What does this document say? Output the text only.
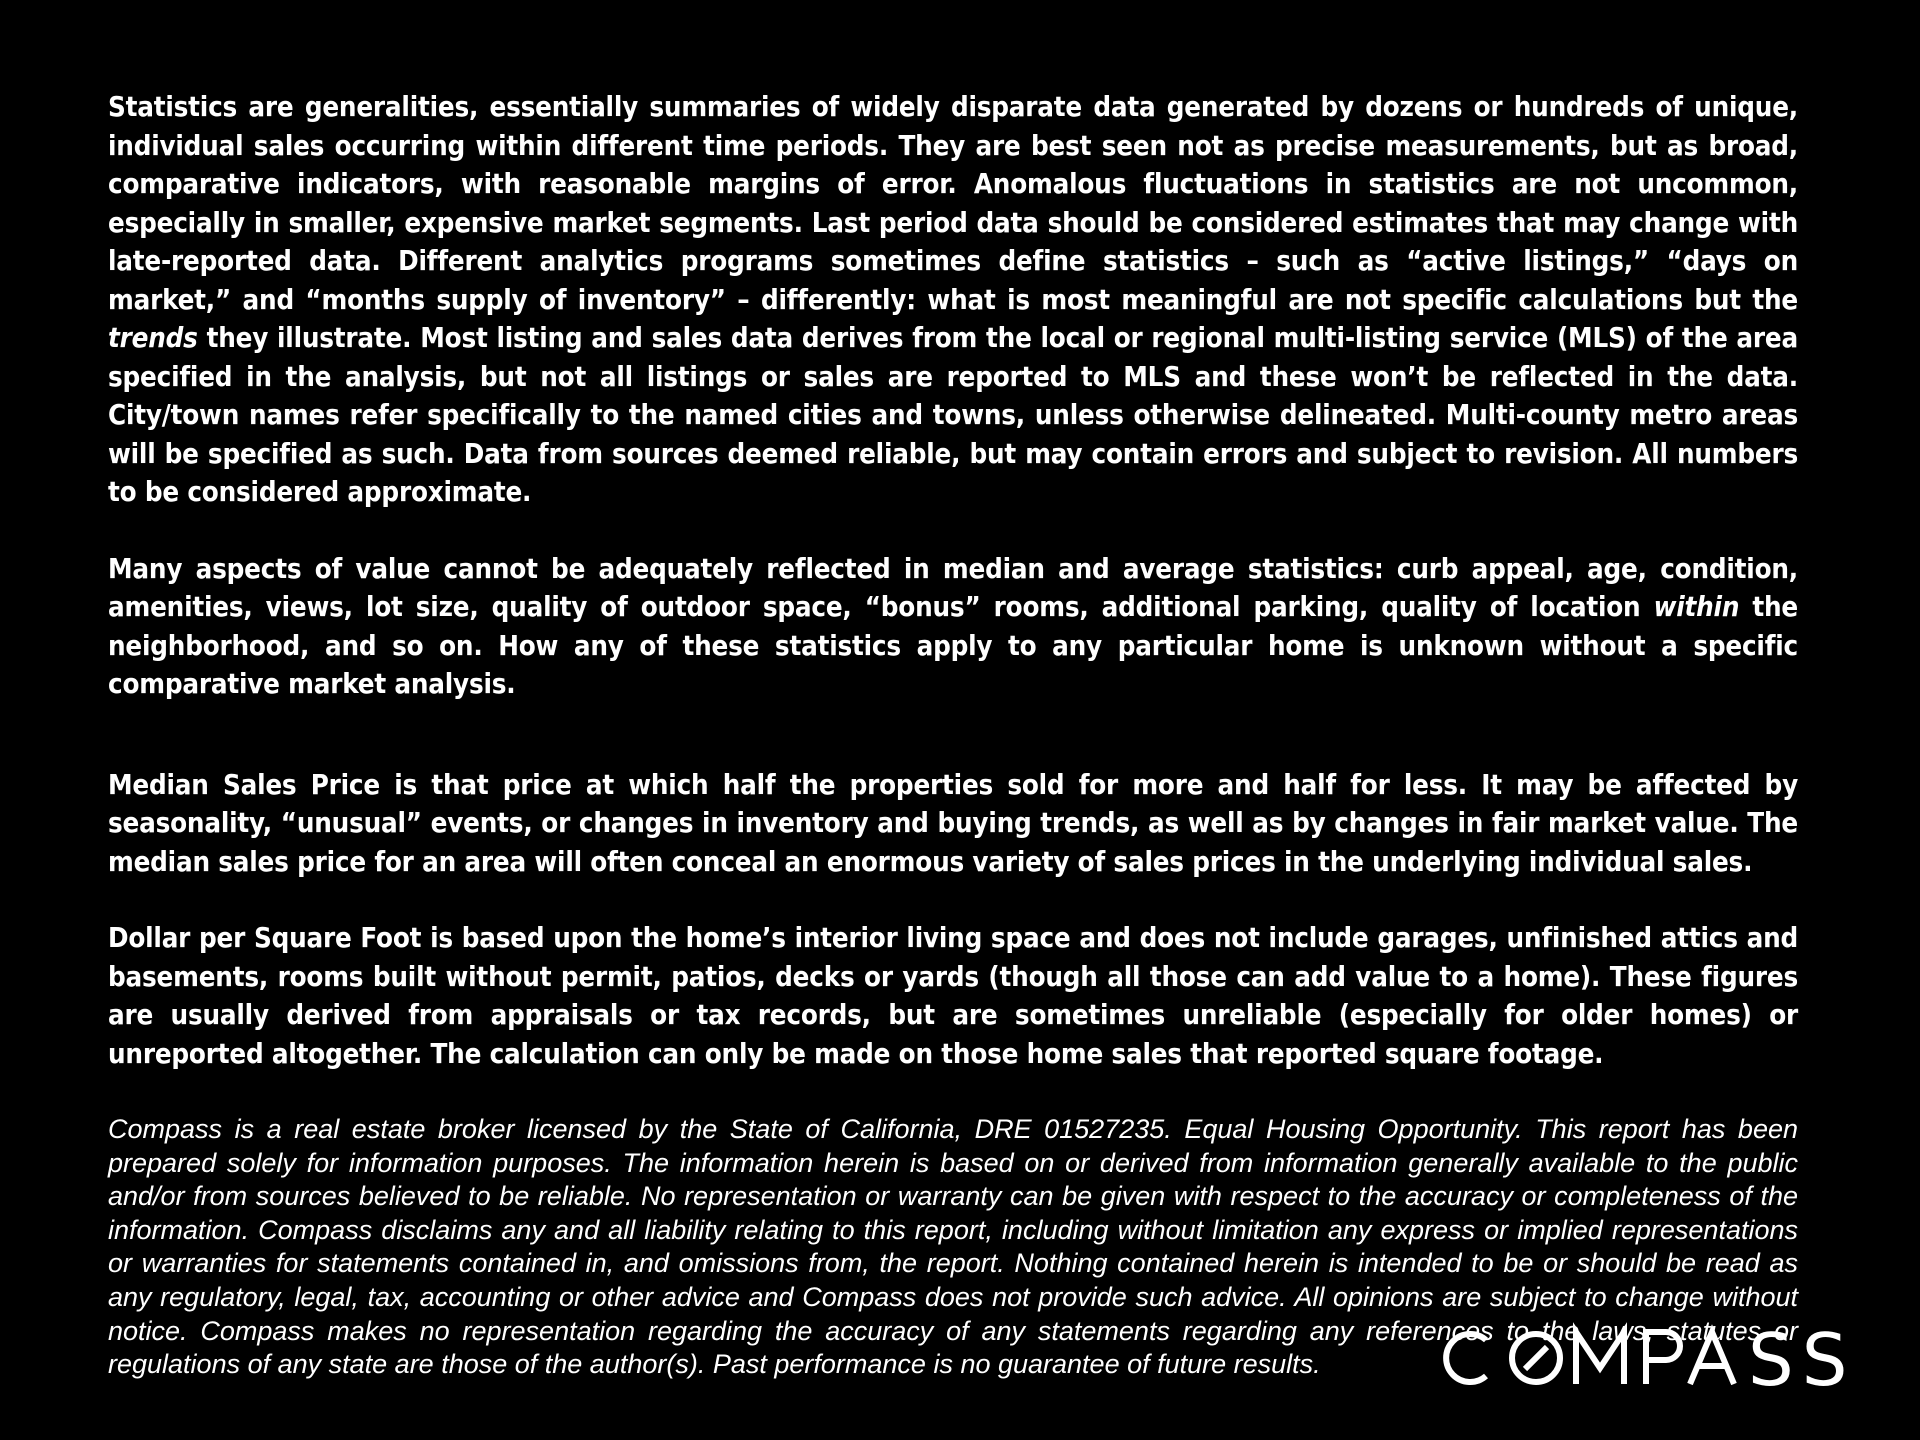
Statistics are generalities, essentially summaries of widely disparate data generated by dozens or hundreds of unique, individual sales occurring within different time periods. They are best seen not as precise measurements, but as broad, comparative indicators, with reasonable margins of error. Anomalous fluctuations in statistics are not uncommon, especially in smaller, expensive market segments. Last period data should be considered estimates that may change with late-reported data. Different analytics programs sometimes define statistics – such as “active listings,” “days on market,” and “months supply of inventory” – differently: what is most meaningful are not specific calculations but the trends they illustrate. Most listing and sales data derives from the local or regional multi-listing service (MLS) of the area specified in the analysis, but not all listings or sales are reported to MLS and these won’t be reflected in the data. City/town names refer specifically to the named cities and towns, unless otherwise delineated. Multi-county metro areas will be specified as such. Data from sources deemed reliable, but may contain errors and subject to revision. All numbers to be considered approximate.

Many aspects of value cannot be adequately reflected in median and average statistics: curb appeal, age, condition, amenities, views, lot size, quality of outdoor space, “bonus” rooms, additional parking, quality of location within the neighborhood, and so on. How any of these statistics apply to any particular home is unknown without a specific comparative market analysis.

Median Sales Price is that price at which half the properties sold for more and half for less. It may be affected by seasonality, “unusual” events, or changes in inventory and buying trends, as well as by changes in fair market value. The median sales price for an area will often conceal an enormous variety of sales prices in the underlying individual sales.

Dollar per Square Foot is based upon the home’s interior living space and does not include garages, unfinished attics and basements, rooms built without permit, patios, decks or yards (though all those can add value to a home). These figures are usually derived from appraisals or tax records, but are sometimes unreliable (especially for older homes) or unreported altogether. The calculation can only be made on those home sales that reported square footage.

Compass is a real estate broker licensed by the State of California, DRE 01527235. Equal Housing Opportunity. This report has been prepared solely for information purposes. The information herein is based on or derived from information generally available to the public and/or from sources believed to be reliable. No representation or warranty can be given with respect to the accuracy or completeness of the information. Compass disclaims any and all liability relating to this report, including without limitation any express or implied representations or warranties for statements contained in, and omissions from, the report. Nothing contained herein is intended to be or should be read as any regulatory, legal, tax, accounting or other advice and Compass does not provide such advice. All opinions are subject to change without notice. Compass makes no representation regarding the accuracy of any statements regarding any references to the laws, statutes or regulations of any state are those of the author(s). Past performance is no guarantee of future results.	SS
